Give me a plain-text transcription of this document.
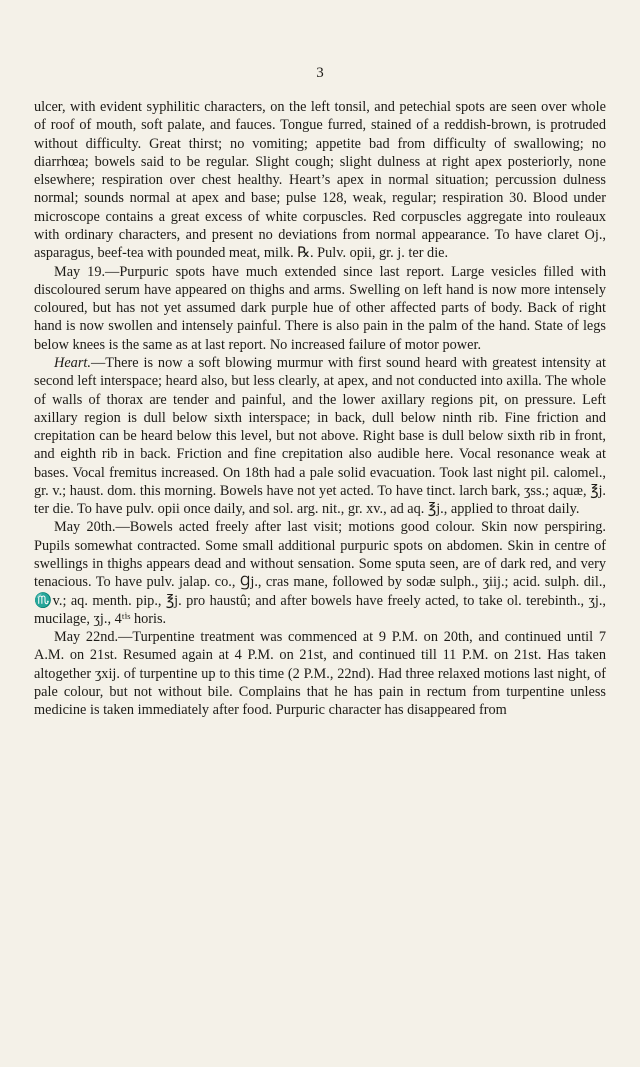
3

ulcer, with evident syphilitic characters, on the left tonsil, and petechial spots are seen over whole of roof of mouth, soft palate, and fauces. Tongue furred, stained of a reddish-brown, is protruded without difficulty. Great thirst; no vomiting; appetite bad from difficulty of swallowing; no diarrhœa; bowels said to be regular. Slight cough; slight dulness at right apex posteriorly, none elsewhere; respiration over chest healthy. Heart’s apex in normal situation; percussion dulness normal; sounds normal at apex and base; pulse 128, weak, regular; respiration 30. Blood under microscope contains a great excess of white corpuscles. Red corpuscles aggregate into rouleaux with ordinary characters, and present no deviations from normal appearance. To have claret Oj., asparagus, beef-tea with pounded meat, milk. ℞. Pulv. opii, gr. j. ter die.

May 19.—Purpuric spots have much extended since last report. Large vesicles filled with discoloured serum have appeared on thighs and arms. Swelling on left hand is now more intensely coloured, but has not yet assumed dark purple hue of other affected parts of body. Back of right hand is now swollen and intensely painful. There is also pain in the palm of the hand. State of legs below knees is the same as at last report. No increased failure of motor power.

Heart.—There is now a soft blowing murmur with first sound heard with greatest intensity at second left interspace; heard also, but less clearly, at apex, and not conducted into axilla. The whole of walls of thorax are tender and painful, and the lower axillary regions pit, on pressure. Left axillary region is dull below sixth interspace; in back, dull below ninth rib. Fine friction and crepitation can be heard below this level, but not above. Right base is dull below sixth rib in front, and eighth rib in back. Friction and fine crepitation also audible here. Vocal resonance weak at bases. Vocal fremitus increased. On 18th had a pale solid evacuation. Took last night pil. calomel., gr. v.; haust. dom. this morning. Bowels have not yet acted. To have tinct. larch bark, ʒss.; aquæ, ℥j. ter die. To have pulv. opii once daily, and sol. arg. nit., gr. xv., ad aq. ℥j., applied to throat daily.

May 20th.—Bowels acted freely after last visit; motions good colour. Skin now perspiring. Pupils somewhat contracted. Some small additional purpuric spots on abdomen. Skin in centre of swellings in thighs appears dead and without sensation. Some sputa seen, are of dark red, and very tenacious. To have pulv. jalap. co., Ɡj., cras mane, followed by sodæ sulph., ʒiij.; acid. sulph. dil., ♏v.; aq. menth. pip., ℥j. pro haustû; and after bowels have freely acted, to take ol. terebinth., ʒj., mucilage, ʒj., 4ᵗⁱˢ horis.

May 22nd.—Turpentine treatment was commenced at 9 P.M. on 20th, and continued until 7 A.M. on 21st. Resumed again at 4 P.M. on 21st, and continued till 11 P.M. on 21st. Has taken altogether ʒxij. of turpentine up to this time (2 P.M., 22nd). Had three relaxed motions last night, of pale colour, but not without bile. Complains that he has pain in rectum from turpentine unless medicine is taken immediately after food. Purpuric character has disappeared from
